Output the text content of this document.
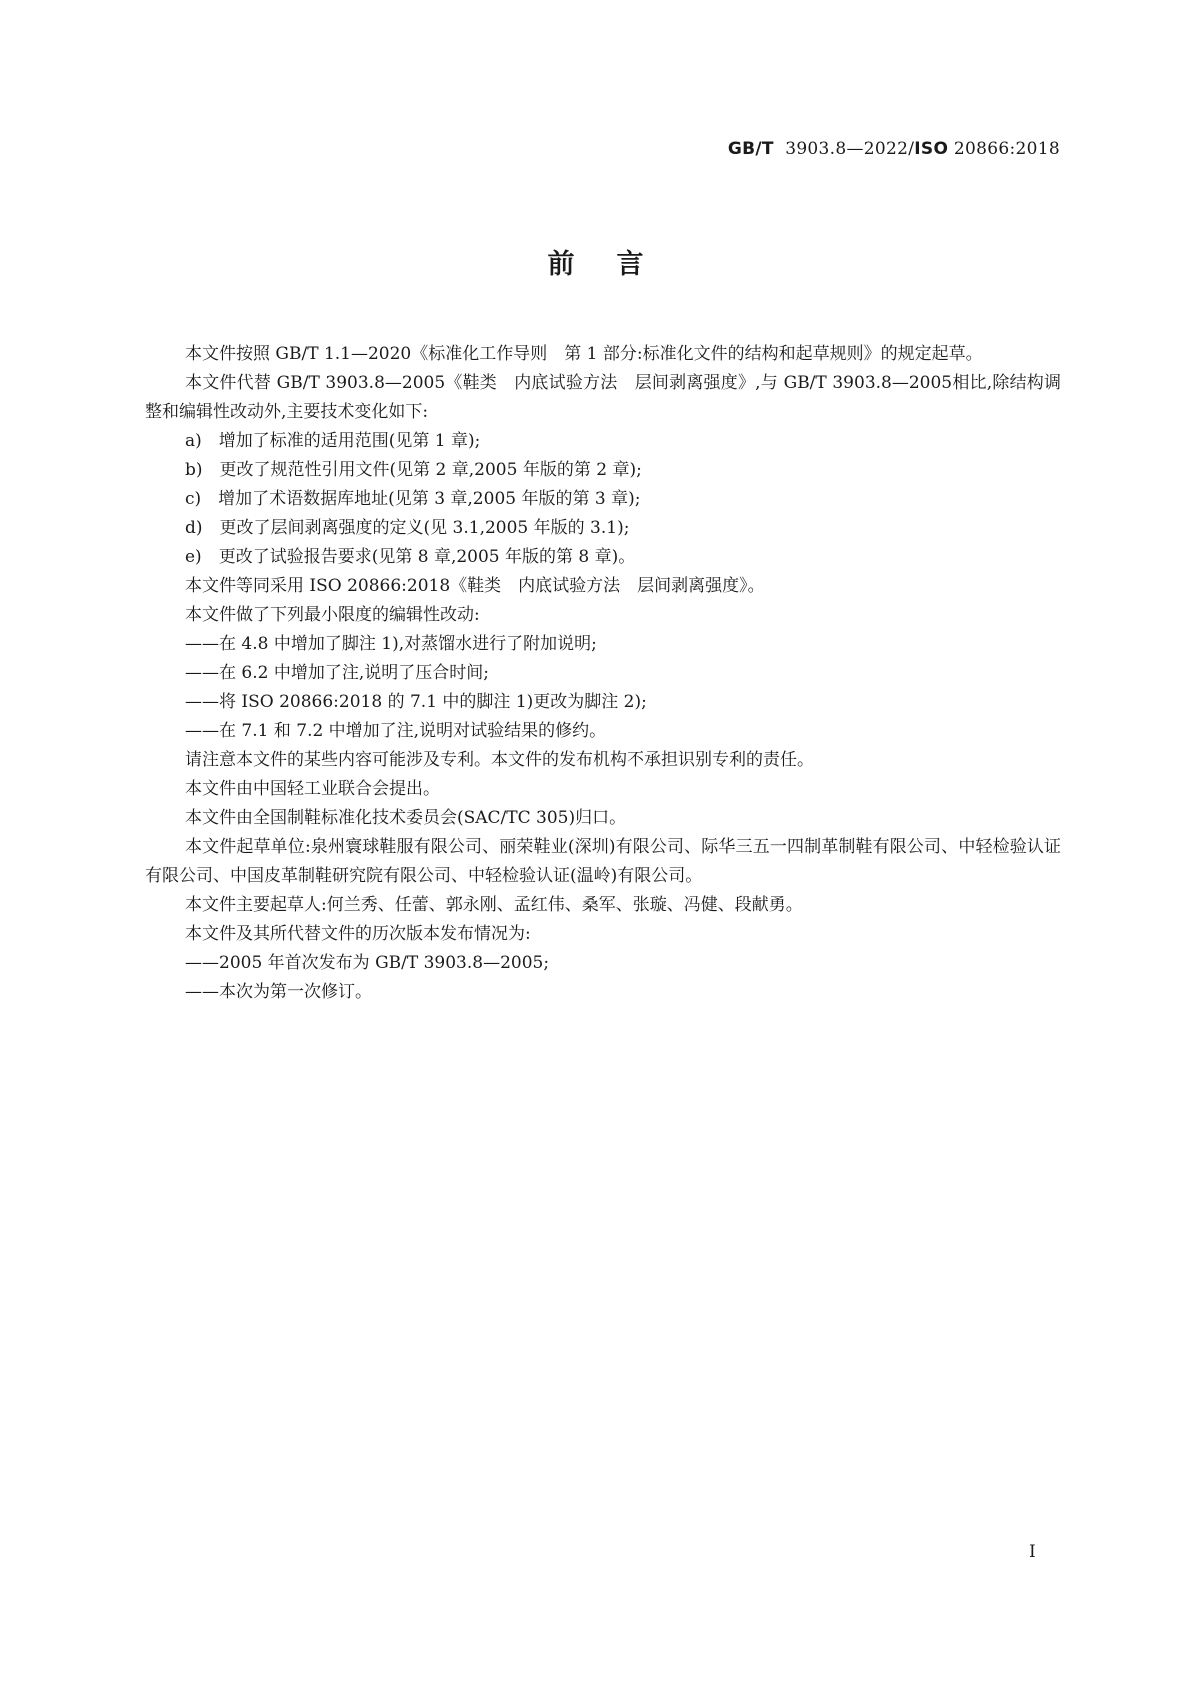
GB/T 3903.8—2022/ISO 20866:2018
前言
本文件按照 GB/T 1.1—2020《标准化工作导则　第 1 部分:标准化文件的结构和起草规则》的规定起草。
本文件代替 GB/T 3903.8—2005《鞋类　内底试验方法　层间剥离强度》,与 GB/T 3903.8—2005相比,除结构调整和编辑性改动外,主要技术变化如下:
a)　增加了标准的适用范围(见第 1 章);
b)　更改了规范性引用文件(见第 2 章,2005 年版的第 2 章);
c)　增加了术语数据库地址(见第 3 章,2005 年版的第 3 章);
d)　更改了层间剥离强度的定义(见 3.1,2005 年版的 3.1);
e)　更改了试验报告要求(见第 8 章,2005 年版的第 8 章)。
本文件等同采用 ISO 20866:2018《鞋类　内底试验方法　层间剥离强度》。
本文件做了下列最小限度的编辑性改动:
——在 4.8 中增加了脚注 1),对蒸馏水进行了附加说明;
——在 6.2 中增加了注,说明了压合时间;
——将 ISO 20866:2018 的 7.1 中的脚注 1)更改为脚注 2);
——在 7.1 和 7.2 中增加了注,说明对试验结果的修约。
请注意本文件的某些内容可能涉及专利。本文件的发布机构不承担识别专利的责任。
本文件由中国轻工业联合会提出。
本文件由全国制鞋标准化技术委员会(SAC/TC 305)归口。
本文件起草单位:泉州寰球鞋服有限公司、丽荣鞋业(深圳)有限公司、际华三五一四制革制鞋有限公司、中轻检验认证有限公司、中国皮革制鞋研究院有限公司、中轻检验认证(温岭)有限公司。
本文件主要起草人:何兰秀、任蕾、郭永刚、孟红伟、桑军、张璇、冯健、段献勇。
本文件及其所代替文件的历次版本发布情况为:
——2005 年首次发布为 GB/T 3903.8—2005;
——本次为第一次修订。
I
